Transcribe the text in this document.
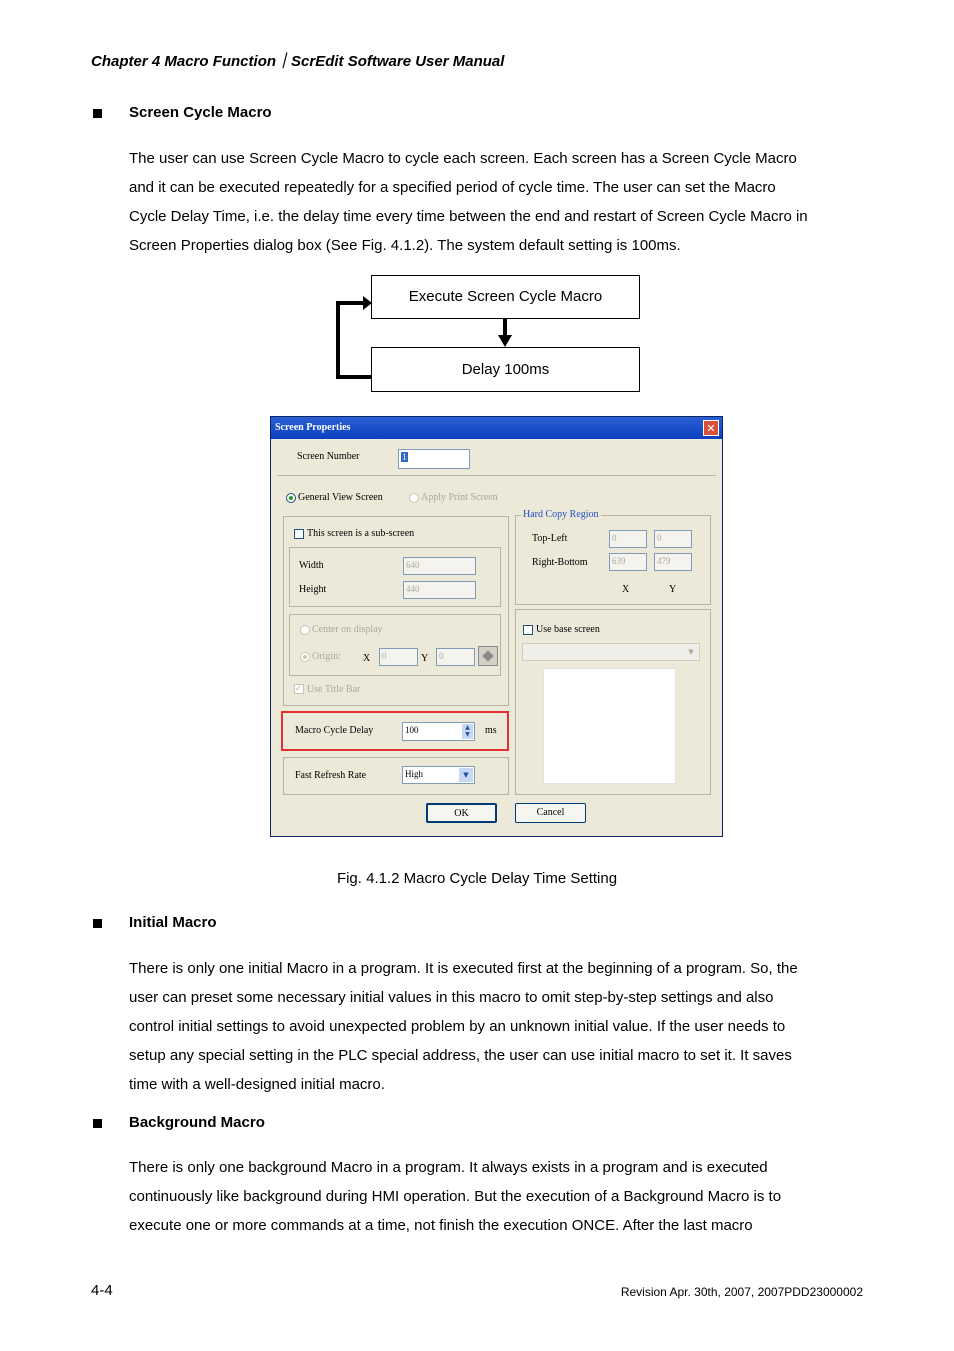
Chapter 4 Macro Function｜ScrEdit Software User Manual
Screen Cycle Macro
The user can use Screen Cycle Macro to cycle each screen. Each screen has a Screen Cycle Macro
and it can be executed repeatedly for a specified period of cycle time. The user can set the Macro
Cycle Delay Time, i.e. the delay time every time between the end and restart of Screen Cycle Macro in
Screen Properties dialog box (See Fig. 4.1.2). The system default setting is 100ms.
Execute Screen Cycle Macro
Delay 100ms
Screen Properties	✕
Screen Number	1
General View Screen	Apply Print Screen
This screen is a sub-screen
Width	640
Height	440
Center on display
Origin: X	0	Y	0
✓ Use Title Bar
Macro Cycle Delay	100	▲
▼	ms
Fast Refresh Rate	High	▼
Hard Copy Region
Top-Left	0	0
Right-Bottom	639	479
X	Y
Use base screen
▼
OK	Cancel
Fig. 4.1.2 Macro Cycle Delay Time Setting
Initial Macro
There is only one initial Macro in a program. It is executed first at the beginning of a program. So, the
user can preset some necessary initial values in this macro to omit step-by-step settings and also
control initial settings to avoid unexpected problem by an unknown initial value. If the user needs to
setup any special setting in the PLC special address, the user can use initial macro to set it. It saves
time with a well-designed initial macro.
Background Macro
There is only one background Macro in a program. It always exists in a program and is executed
continuously like background during HMI operation. But the execution of a Background Macro is to
execute one or more commands at a time, not finish the execution ONCE. After the last macro
4-4	Revision Apr. 30th, 2007, 2007PDD23000002
